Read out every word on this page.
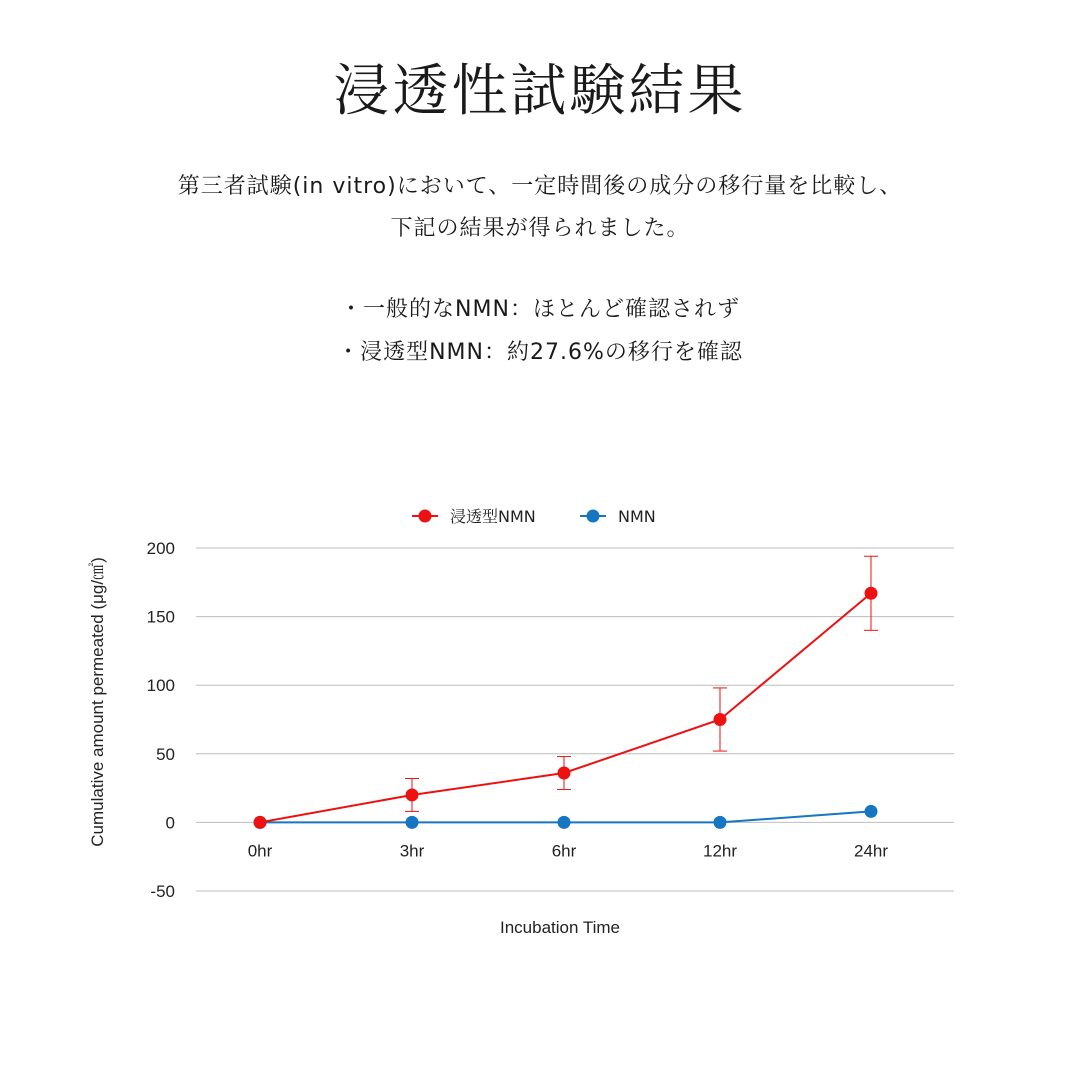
浸透性試験結果

第三者試験(in vitro)において、一定時間後の成分の移行量を比較し、

下記の結果が得られました。

・一般的なNMN：ほとんど確認されず

・浸透型NMN：約27.6%の移行を確認

-50
0
50
100
150
200
0hr	3hr	6hr	12hr	24hr
Incubation Time
Cumulative amount permeated (μg/㎠)
浸透型NMN	NMN
